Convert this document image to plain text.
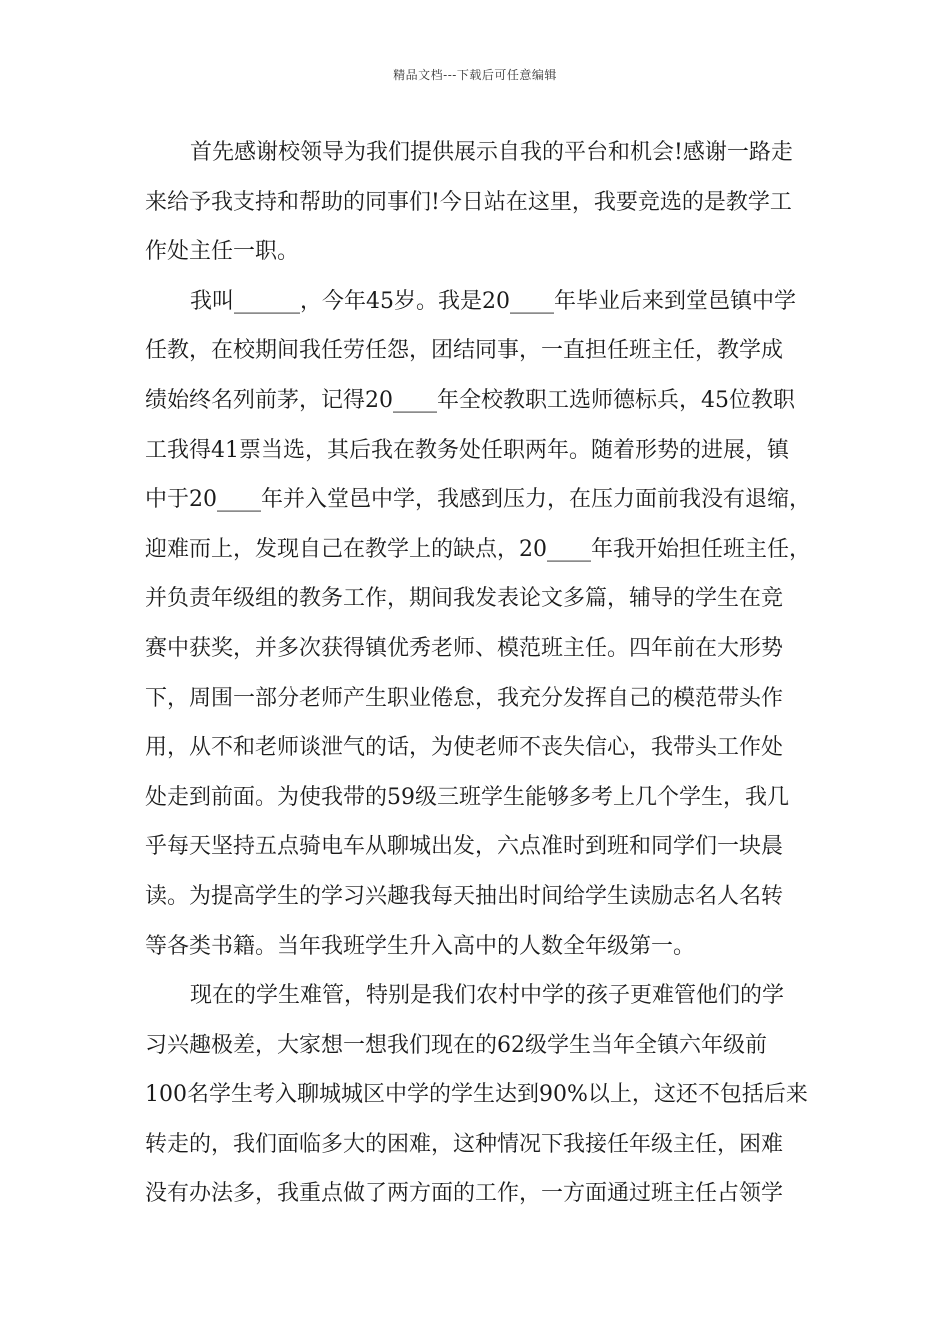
精品文档---下载后可任意编辑
首先感谢校领导为我们提供展示自我的平台和机会!感谢一路走
来给予我支持和帮助的同事们!今日站在这里，我要竞选的是教学工
作处主任一职。
我叫______，今年45岁。我是20____年毕业后来到堂邑镇中学
任教，在校期间我任劳任怨，团结同事，一直担任班主任，教学成
绩始终名列前茅，记得20____年全校教职工选师德标兵，45位教职
工我得41票当选，其后我在教务处任职两年。随着形势的进展，镇
中于20____年并入堂邑中学，我感到压力，在压力面前我没有退缩，
迎难而上，发现自己在教学上的缺点，20____年我开始担任班主任，
并负责年级组的教务工作，期间我发表论文多篇，辅导的学生在竞
赛中获奖，并多次获得镇优秀老师、模范班主任。四年前在大形势
下，周围一部分老师产生职业倦怠，我充分发挥自己的模范带头作
用，从不和老师谈泄气的话，为使老师不丧失信心，我带头工作处
处走到前面。为使我带的59级三班学生能够多考上几个学生，我几
乎每天坚持五点骑电车从聊城出发，六点准时到班和同学们一块晨
读。为提高学生的学习兴趣我每天抽出时间给学生读励志名人名转
等各类书籍。当年我班学生升入高中的人数全年级第一。
现在的学生难管，特别是我们农村中学的孩子更难管他们的学
习兴趣极差，大家想一想我们现在的62级学生当年全镇六年级前
100名学生考入聊城城区中学的学生达到90%以上，这还不包括后来
转走的，我们面临多大的困难，这种情况下我接任年级主任，困难
没有办法多，我重点做了两方面的工作，一方面通过班主任占领学
